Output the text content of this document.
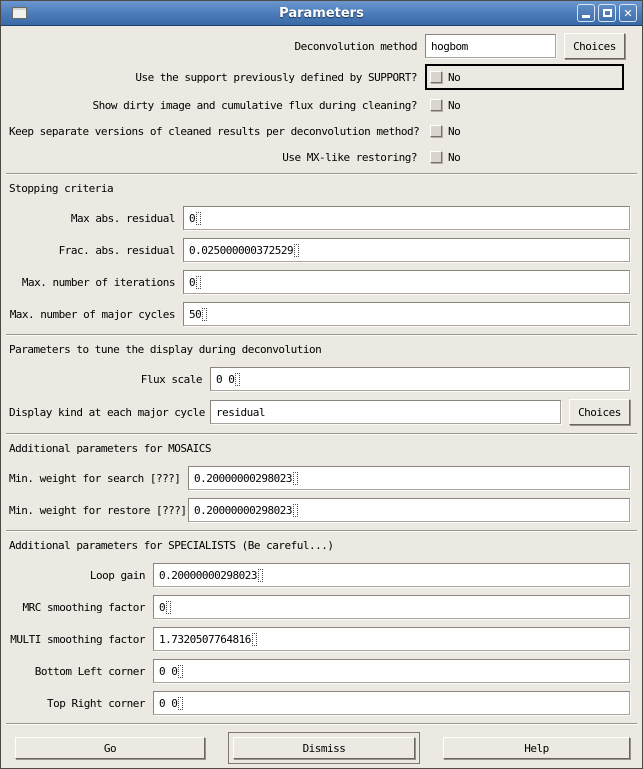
Parameters	✕
Deconvolution method	hogbom	Choices
Use the support previously defined by SUPPORT?	No
Show dirty image and cumulative flux during cleaning?	No
Keep separate versions of cleaned results per deconvolution method?	No
Use MX-like restoring?	No
Stopping criteria
Max abs. residual	0
Frac. abs. residual	0.025000000372529
Max. number of iterations	0
Max. number of major cycles	50
Parameters to tune the display during deconvolution
Flux scale	0 0
Display kind at each major cycle	residual	Choices
Additional parameters for MOSAICS
Min. weight for search [???]	0.20000000298023
Min. weight for restore [???] 0.20000000298023
Additional parameters for SPECIALISTS (Be careful...)
Loop gain	0.20000000298023
MRC smoothing factor	0
MULTI smoothing factor	1.7320507764816
Bottom Left corner	0 0
Top Right corner	0 0
Go	Dismiss	Help
